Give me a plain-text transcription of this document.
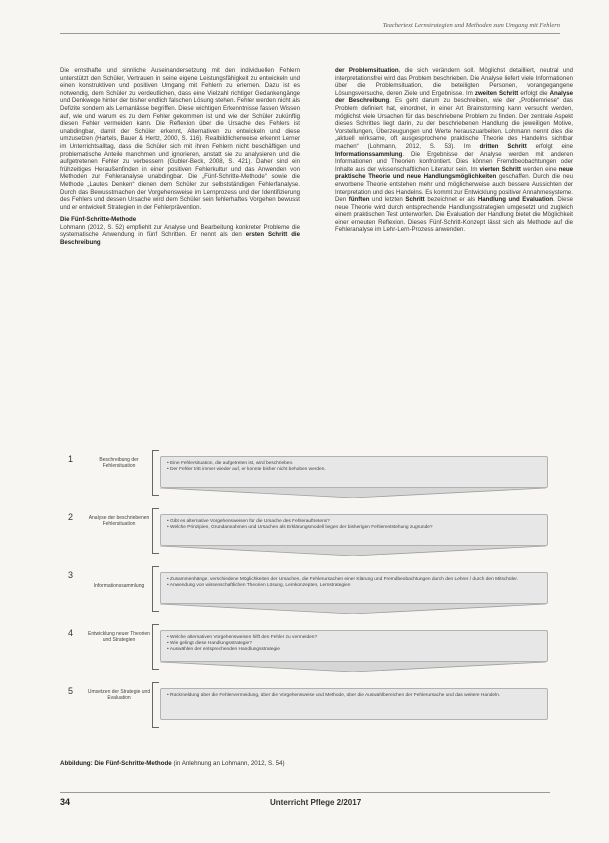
Teachertext Lernstrategien und Methoden zum Umgang mit Fehlern

Die ernsthafte und sinnliche Auseinandersetzung mit den individuellen Fehlern unterstützt den Schüler, Vertrauen in seine eigene Leistungsfähigkeit zu entwickeln und einen konstruktiven und positiven Umgang mit Fehlern zu erlernen. Dazu ist es notwendig, dem Schüler zu verdeutlichen, dass eine Vielzahl richtiger Gedankengänge und Denkwege hinter der bisher endlich falschen Lösung stehen. Fehler werden nicht als Defizite sondern als Lernanlässe begriffen. Diese wichtigen Erkenntnisse fassen Wissen auf, wie und warum es zu dem Fehler gekommen ist und wie der Schüler zukünftig diesen Fehler vermeiden kann. Die Reflexion über die Ursache des Fehlers ist unabdingbar, damit der Schüler erkennt, Alternativen zu entwickeln und diese umzusetzen (Hartels, Bauer & Hertz, 2000, S. 116). Realbildlicherweise erkennt Lerner im Unterrichtsalltag, dass die Schüler sich mit ihren Fehlern nicht beschäftigen und problematische Anteile manchmen und ignorieren, anstatt sie zu analysieren und die aufgetretenen Fehler zu verbessern (Gubler-Beck, 2008, S. 421). Daher sind ein frühzeitiges Heraußenfinden in einer positiven Fehlerkultur und das Anwenden von Methoden zur Fehleranalyse unabdingbar. Die „Fünf-Schritte-Methode“ sowie die Methode „Lautes Denken“ dienen dem Schüler zur selbstständigen Fehlerfanalyse. Durch das Bewusstmachen der Vorgehensweise im Lernprozess und der Identifizierung des Fehlers und dessen Ursache wird dem Schüler sein fehlerhaftes Vorgehen bewusst und er entwickelt Strategien in der Fehlerprävention.

Die Fünf-Schritte-Methode

Lohmann (2012, S. 52) empfiehlt zur Analyse und Bearbeitung konkreter Probleme die systematische Anwendung in fünf Schritten. Er nennt als den ersten Schritt die Beschreibung

der Problemsituation, die sich verändern soll. Möglichst detailliert, neutral und interpretationsfrei wird das Problem beschrieben. Die Analyse liefert viele Informationen über die Problemsituation, die beteiligten Personen, vorangegangene Lösungsversuche, deren Ziele und Ergebnisse. Im zweiten Schritt erfolgt die Analyse der Beschreibung. Es geht darum zu beschreiben, wie der „Problemriese“ das Problem definiert hat, einordnet, in einer Art Brainstorming kann versucht werden, möglichst viele Ursachen für das beschriebene Problem zu finden. Der zentrale Aspekt dieses Schrittes liegt darin, zu der beschriebenen Handlung die jeweiligen Motive, Vorstellungen, Überzeugungen und Werte herauszuarbeiten. Lohmann nennt dies die „aktuell wirksame, oft ausgesprochene praktische Theorie des Handelns sichtbar machen“ (Lohmann, 2012, S. 53). Im dritten Schritt erfolgt eine Informationssammlung. Die Ergebnisse der Analyse werden mit anderen Informationen und Theorien konfrontiert. Dies können Fremdbeobachtungen oder Inhalte aus der wissenschaftlichen Literatur sein. Im vierten Schritt werden eine neue praktische Theorie und neue Handlungsmöglichkeiten geschaffen. Durch die neu erworbene Theorie entstehen mehr und möglicherweise auch bessere Aussichten der Interpretation und des Handelns. Es kommt zur Entwicklung positiver Annahmesysteme. Den fünften und letzten Schritt bezeichnet er als Handlung und Evaluation. Diese neue Theorie wird durch entsprechende Handlungsstrategien umgesetzt und zugleich einem praktischen Test unterworfen. Die Evaluation der Handlung bietet die Möglichkeit einer erneuten Reflexion. Dieses Fünf-Schritt-Konzept lässt sich als Methode auf die Fehleranalyse im Lehr-Lern-Prozess anwenden.

1	Beschreibung der Fehlersituation	• Eine Fehlersituation, die aufgetreten ist, wird beschrieben.
• Der Fehler tritt immer wieder auf, er konnte bisher nicht behoben werden.
2	Analyse der beschriebenen Fehlersituation	• Gibt es alternative Vorgehensweisen für die Ursache des Fehlerauftretens?
• Welche Prinzipien, Grundannahmen und Ursachen als Erklärungsmodell liegen der bisherigen Fehlerentstehung zugrunde?
3
Informationssammlung
• Zusammenhänge, verschiedene Möglichkeiten der Ursachen, die Fehlerursachen einer Klärung und Fremdbeobachtungen durch den Lehrer / durch den Mitschüler.
• Anwendung von wissenschaftlichen Theorien Lösung, Lernkonzepten, Lernstrategien
4	Entwicklung neuer Theorien und Strategien	• Welche alternativen Vorgehensweisen hilft den Fehler zu vermeiden?
• Wie gelingt diese Handlungsstrategie?
• Auswählen der entsprechenden Handlungsstrategie
5	Umsetzen der Strategie und Evaluation	• Rückmeldung über die Fehlervermeidung, über die Vorgehensweise und Methode, über die Auswahlbereichen der Fehlerursache und das weitere Handeln.
Abbildung: Die Fünf-Schritte-Methode (in Anlehnung an Lohmann, 2012, S. 54)
34	Unterricht Pflege 2/2017
